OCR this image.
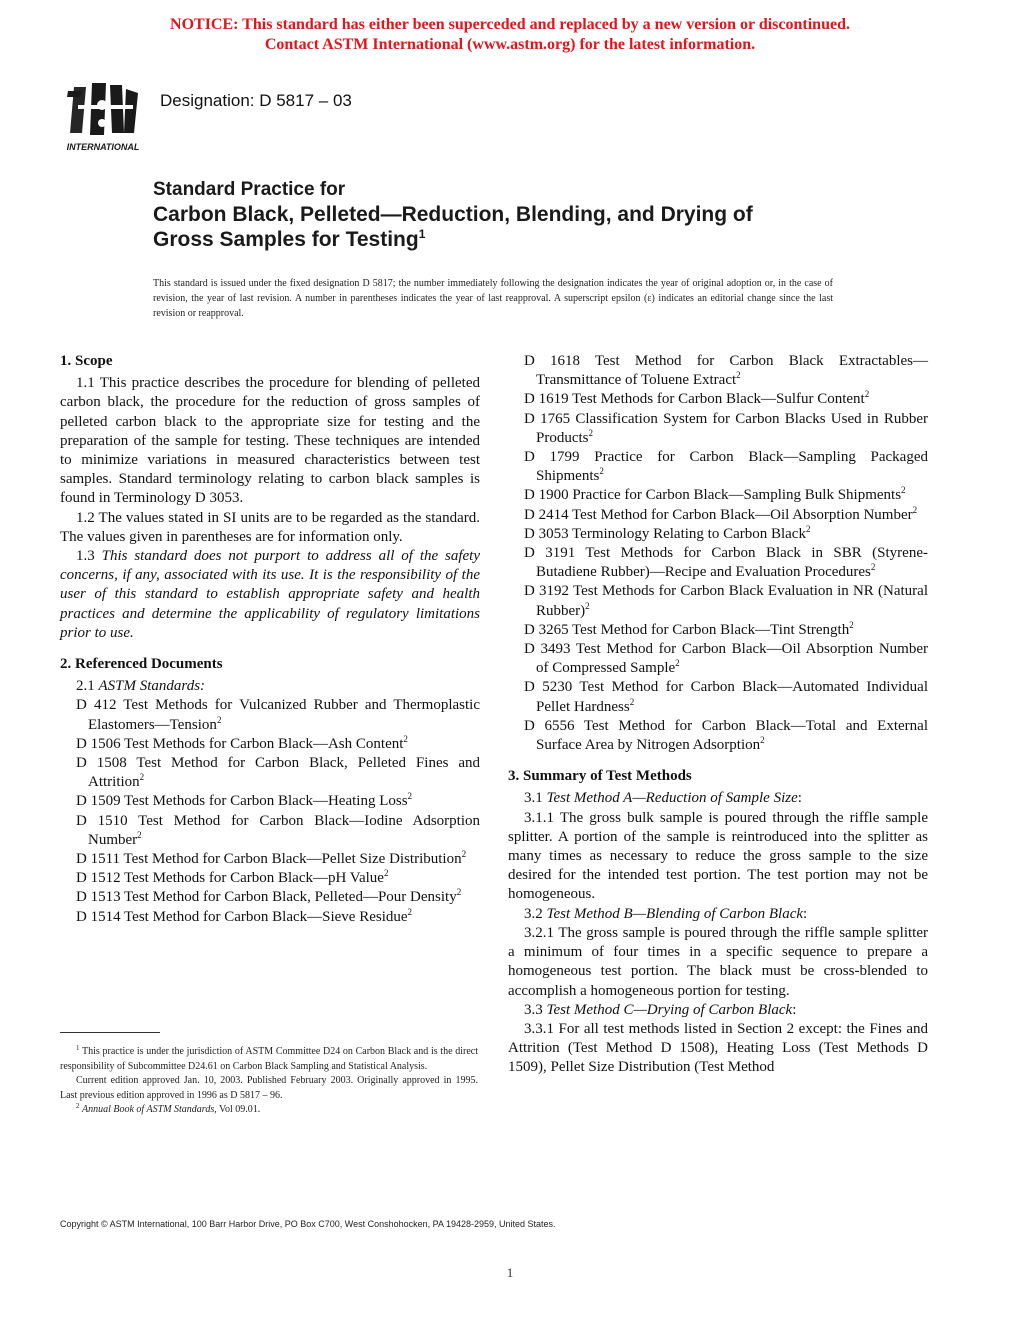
NOTICE: This standard has either been superceded and replaced by a new version or discontinued.
Contact ASTM International (www.astm.org) for the latest information.
INTERNATIONAL
Designation: D 5817 – 03
Standard Practice for
Carbon Black, Pelleted—Reduction, Blending, and Drying of
Gross Samples for Testing$^1$
This standard is issued under the fixed designation D 5817; the number immediately following the designation indicates the year of original adoption or, in the case of revision, the year of last revision. A number in parentheses indicates the year of last reapproval. A superscript epsilon (ε) indicates an editorial change since the last revision or reapproval.
1. Scope
1.1 This practice describes the procedure for blending of pelleted carbon black, the procedure for the reduction of gross samples of pelleted carbon black to the appropriate size for testing and the preparation of the sample for testing. These techniques are intended to minimize variations in measured characteristics between test samples. Standard terminology relating to carbon black samples is found in Terminology D 3053.
1.2 The values stated in SI units are to be regarded as the standard. The values given in parentheses are for information only.
1.3 This standard does not purport to address all of the safety concerns, if any, associated with its use. It is the responsibility of the user of this standard to establish appropriate safety and health practices and determine the applicability of regulatory limitations prior to use.
2. Referenced Documents
2.1 ASTM Standards:
D 412 Test Methods for Vulcanized Rubber and Thermoplastic Elastomers—Tension$^2$
D 1506 Test Methods for Carbon Black—Ash Content$^2$
D 1508 Test Method for Carbon Black, Pelleted Fines and Attrition$^2$
D 1509 Test Methods for Carbon Black—Heating Loss$^2$
D 1510 Test Method for Carbon Black—Iodine Adsorption Number$^2$
D 1511 Test Method for Carbon Black—Pellet Size Distribution$^2$
D 1512 Test Methods for Carbon Black—pH Value$^2$
D 1513 Test Method for Carbon Black, Pelleted—Pour Density$^2$
D 1514 Test Method for Carbon Black—Sieve Residue$^2$
D 1618 Test Method for Carbon Black Extractables—Transmittance of Toluene Extract$^2$
D 1619 Test Methods for Carbon Black—Sulfur Content$^2$
D 1765 Classification System for Carbon Blacks Used in Rubber Products$^2$
D 1799 Practice for Carbon Black—Sampling Packaged Shipments$^2$
D 1900 Practice for Carbon Black—Sampling Bulk Shipments$^2$
D 2414 Test Method for Carbon Black—Oil Absorption Number$^2$
D 3053 Terminology Relating to Carbon Black$^2$
D 3191 Test Methods for Carbon Black in SBR (Styrene-Butadiene Rubber)—Recipe and Evaluation Procedures$^2$
D 3192 Test Methods for Carbon Black Evaluation in NR (Natural Rubber)$^2$
D 3265 Test Method for Carbon Black—Tint Strength$^2$
D 3493 Test Method for Carbon Black—Oil Absorption Number of Compressed Sample$^2$
D 5230 Test Method for Carbon Black—Automated Individual Pellet Hardness$^2$
D 6556 Test Method for Carbon Black—Total and External Surface Area by Nitrogen Adsorption$^2$
3. Summary of Test Methods
3.1 Test Method A—Reduction of Sample Size:
3.1.1 The gross bulk sample is poured through the riffle sample splitter. A portion of the sample is reintroduced into the splitter as many times as necessary to reduce the gross sample to the size desired for the intended test portion. The test portion may not be homogeneous.
3.2 Test Method B—Blending of Carbon Black:
3.2.1 The gross sample is poured through the riffle sample splitter a minimum of four times in a specific sequence to prepare a homogeneous test portion. The black must be cross-blended to accomplish a homogeneous portion for testing.
3.3 Test Method C—Drying of Carbon Black:
3.3.1 For all test methods listed in Section 2 except: the Fines and Attrition (Test Method D 1508), Heating Loss (Test Methods D 1509), Pellet Size Distribution (Test Method
$^1$ This practice is under the jurisdiction of ASTM Committee D24 on Carbon Black and is the direct responsibility of Subcommittee D24.61 on Carbon Black Sampling and Statistical Analysis.
Current edition approved Jan. 10, 2003. Published February 2003. Originally approved in 1995. Last previous edition approved in 1996 as D 5817 – 96.
$^2$ Annual Book of ASTM Standards, Vol 09.01.
Copyright © ASTM International, 100 Barr Harbor Drive, PO Box C700, West Conshohocken, PA 19428-2959, United States.
1
